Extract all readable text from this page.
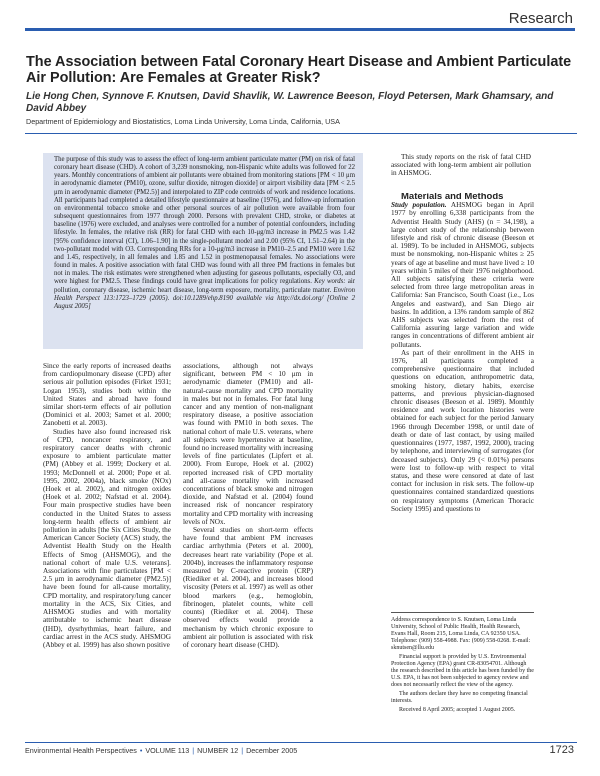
Research
The Association between Fatal Coronary Heart Disease and Ambient Particulate Air Pollution: Are Females at Greater Risk?
Lie Hong Chen, Synnove F. Knutsen, David Shavlik, W. Lawrence Beeson, Floyd Petersen, Mark Ghamsary, and David Abbey
Department of Epidemiology and Biostatistics, Loma Linda University, Loma Linda, California, USA

The purpose of this study was to assess the effect of long-term ambient particulate matter (PM) on risk of fatal coronary heart disease (CHD). A cohort of 3,239 nonsmoking, non-Hispanic white adults was followed for 22 years. Monthly concentrations of ambient air pollutants were obtained from monitoring stations [PM < 10 μm in aerodynamic diameter (PM10), ozone, sulfur dioxide, nitrogen dioxide] or airport visibility data [PM < 2.5 μm in aerodynamic diameter (PM2.5)] and interpolated to ZIP code centroids of work and residence locations. All participants had completed a detailed lifestyle questionnaire at baseline (1976), and follow-up information on environmental tobacco smoke and other personal sources of air pollution were available from four subsequent questionnaires from 1977 through 2000. Persons with prevalent CHD, stroke, or diabetes at baseline (1976) were excluded, and analyses were controlled for a number of potential confounders, including lifestyle. In females, the relative risk (RR) for fatal CHD with each 10-μg/m3 increase in PM2.5 was 1.42 [95% confidence interval (CI), 1.06–1.90] in the single-pollutant model and 2.00 (95% CI, 1.51–2.64) in the two-pollutant model with O3. Corresponding RRs for a 10-μg/m3 increase in PM10–2.5 and PM10 were 1.62 and 1.45, respectively, in all females and 1.85 and 1.52 in postmenopausal females. No associations were found in males. A positive association with fatal CHD was found with all three PM fractions in females but not in males. The risk estimates were strengthened when adjusting for gaseous pollutants, especially O3, and were highest for PM2.5. These findings could have great implications for policy regulations. Key words: air pollution, coronary disease, ischemic heart disease, long-term exposure, mortality, particulate matter. Environ Health Perspect 113:1723–1729 (2005). doi:10.1289/ehp.8190 available via http://dx.doi.org/ [Online 2 August 2005]

Since the early reports of increased deaths from cardiopulmonary disease (CPD) after serious air pollution episodes (Firket 1931; Logan 1953), studies both within the United States and abroad have found similar short-term effects of air pollution (Dominici et al. 2003; Samet et al. 2000; Zanobetti et al. 2003).

Studies have also found increased risk of CPD, noncancer respiratory, and respiratory cancer deaths with chronic exposure to ambient particulate matter (PM) (Abbey et al. 1999; Dockery et al. 1993; McDonnell et al. 2000; Pope et al. 1995, 2002, 2004a), black smoke (NOx) (Hoek et al. 2002), and nitrogen oxides (Hoek et al. 2002; Nafstad et al. 2004). Four main prospective studies have been conducted in the United States to assess long-term health effects of ambient air pollution in adults [the Six Cities Study, the American Cancer Society (ACS) study, the Adventist Health Study on the Health Effects of Smog (AHSMOG), and the national cohort of male U.S. veterans]. Associations with fine particulates [PM < 2.5 μm in aerodynamic diameter (PM2.5)] have been found for all-cause mortality, CPD mortality, and respiratory/lung cancer mortality in the ACS, Six Cities, and AHSMOG studies and with mortality attributable to ischemic heart disease (IHD), dysrhythmias, heart failure, and cardiac arrest in the ACS study. AHSMOG (Abbey et al. 1999) has also shown positive

associations, although not always significant, between PM < 10 μm in aerodynamic diameter (PM10) and all-natural-cause mortality and CPD mortality in males but not in females. For fatal lung cancer and any mention of non-malignant respiratory disease, a positive association was found with PM10 in both sexes. The national cohort of male U.S. veterans, where all subjects were hypertensive at baseline, found no increased mortality with increasing levels of fine particulates (Lipfert et al. 2000). From Europe, Hoek et al. (2002) reported increased risk of CPD mortality and all-cause mortality with increased concentrations of black smoke and nitrogen dioxide, and Nafstad et al. (2004) found increased risk of noncancer respiratory mortality and CPD mortality with increasing levels of NOx.

Several studies on short-term effects have found that ambient PM increases cardiac arrhythmia (Peters et al. 2000), decreases heart rate variability (Pope et al. 2004b), increases the inflammatory response measured by C-reactive protein (CRP) (Riediker et al. 2004), and increases blood viscosity (Peters et al. 1997) as well as other blood markers (e.g., hemoglobin, fibrinogen, platelet counts, white cell counts) (Riediker et al. 2004). These observed effects would provide a mechanism by which chronic exposure to ambient air pollution is associated with risk of coronary heart disease (CHD).

This study reports on the risk of fatal CHD associated with long-term ambient air pollution in AHSMOG.

Materials and Methods

Study population. AHSMOG began in April 1977 by enrolling 6,338 participants from the Adventist Health Study (AHS) (n = 34,198), a large cohort study of the relationship between lifestyle and risk of chronic disease (Beeson et al. 1989). To be included in AHSMOG, subjects must be nonsmoking, non-Hispanic whites ≥ 25 years of age at baseline and must have lived ≥ 10 years within 5 miles of their 1976 neighborhood. All subjects satisfying these criteria were selected from three large metropolitan areas in California: San Francisco, South Coast (i.e., Los Angeles and eastward), and San Diego air basins. In addition, a 13% random sample of 862 AHS subjects was selected from the rest of California assuring large variation and wide ranges in concentrations of different ambient air pollutants.

As part of their enrollment in the AHS in 1976, all participants completed a comprehensive questionnaire that included questions on education, anthropometric data, smoking history, dietary habits, exercise patterns, and previous physician-diagnosed chronic diseases (Beeson et al. 1989). Monthly residence and work location histories were obtained for each subject for the period January 1966 through December 1998, or until date of death or date of last contact, by using mailed questionnaires (1977, 1987, 1992, 2000), tracing by telephone, and interviewing of surrogates (for deceased subjects). Only 29 (< 0.01%) persons were lost to follow-up with respect to vital status, and these were censored at date of last contact for inclusion in risk sets. The follow-up questionnaires contained standardized questions on respiratory symptoms (American Thoracic Society 1995) and questions to

Address correspondence to S. Knutsen, Loma Linda University, School of Public Health, Health Research, Evans Hall, Room 215, Loma Linda, CA 92350 USA. Telephone: (909) 558-4988. Fax: (909) 558-0268. E-mail: sknutsen@llu.edu

Financial support is provided by U.S. Environmental Protection Agency (EPA) grant CR-83054701. Although the research described in this article has been funded by the U.S. EPA, it has not been subjected to agency review and does not necessarily reflect the view of the agency.

The authors declare they have no competing financial interests.

Received 8 April 2005; accepted 1 August 2005.

Environmental Health Perspectives • VOLUME 113 | NUMBER 12 | December 2005	1723
